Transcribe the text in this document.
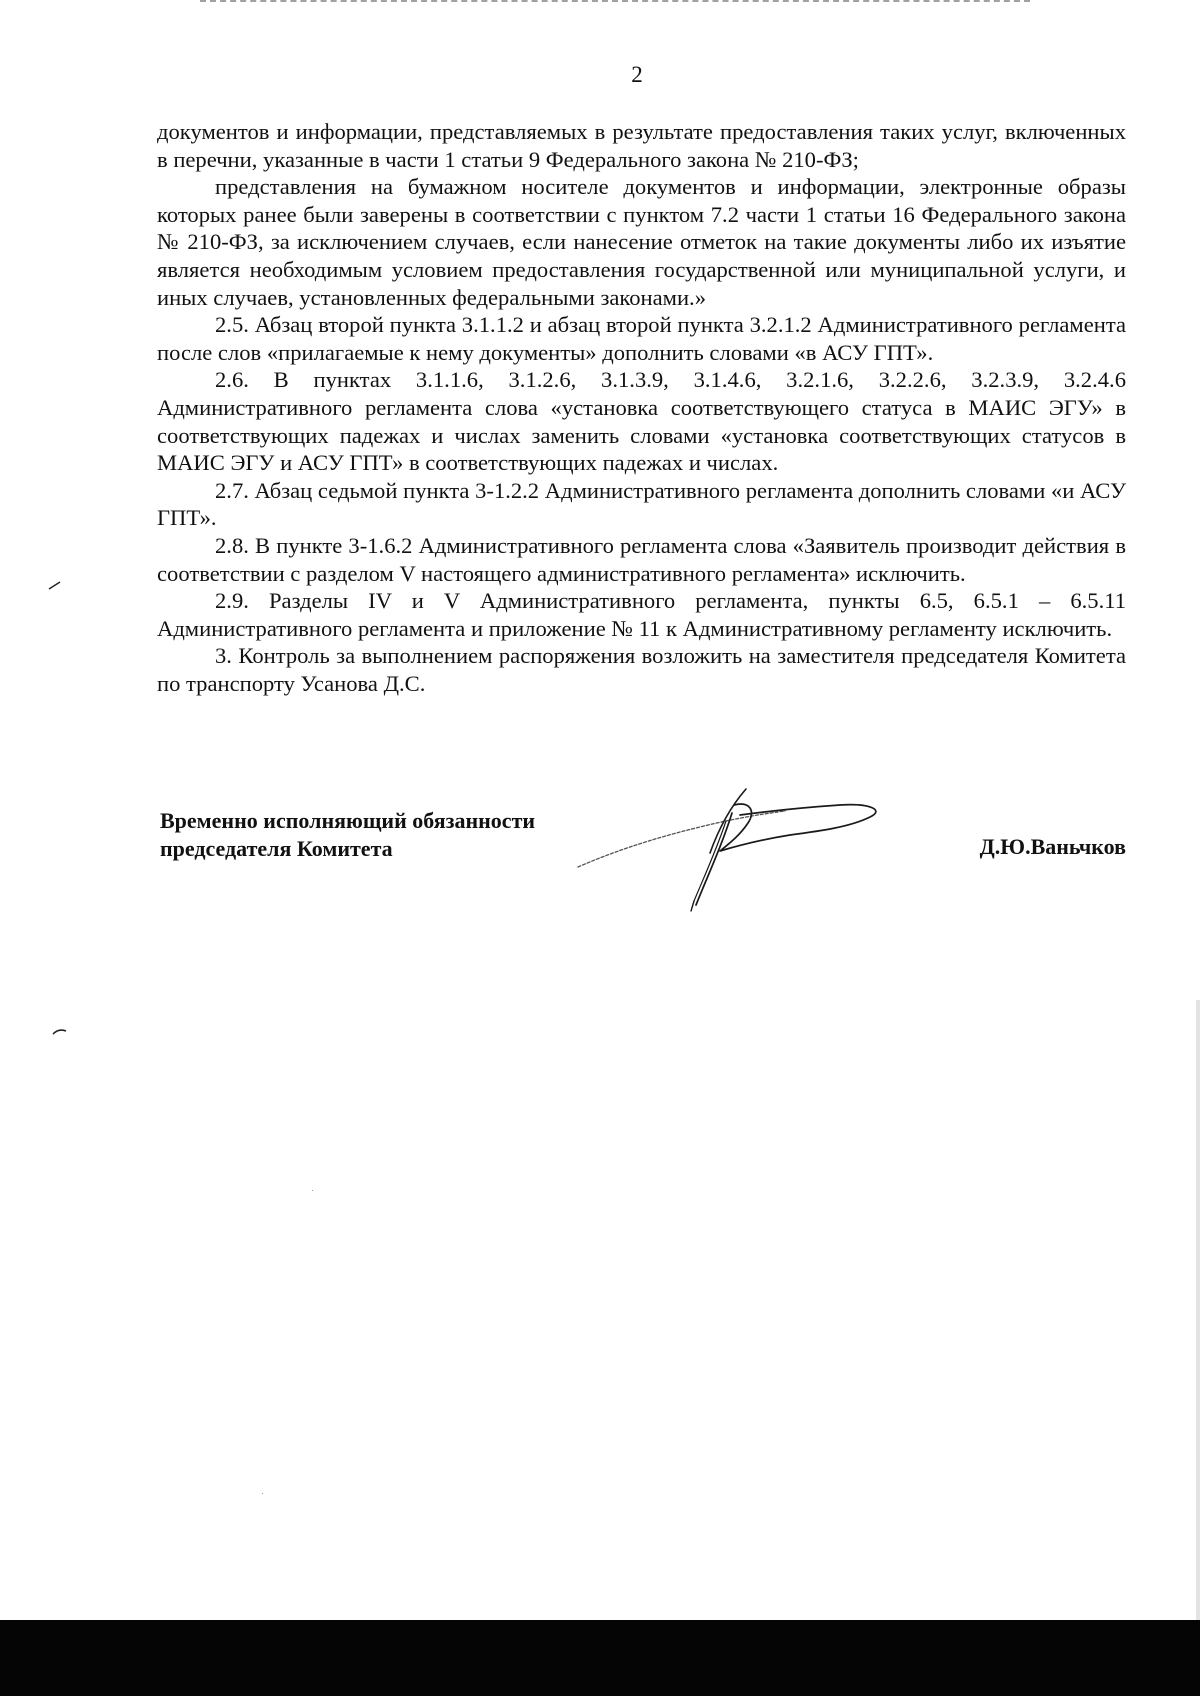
2

документов и информации, представляемых в результате предоставления таких услуг, включенных в перечни, указанные в части 1 статьи 9 Федерального закона № 210-ФЗ;

представления на бумажном носителе документов и информации, электронные образы которых ранее были заверены в соответствии с пунктом 7.2 части 1 статьи 16 Федерального закона № 210-ФЗ, за исключением случаев, если нанесение отметок на такие документы либо их изъятие является необходимым условием предоставления государственной или муниципальной услуги, и иных случаев, установленных федеральными законами.»

2.5. Абзац второй пункта 3.1.1.2 и абзац второй пункта 3.2.1.2 Административного регламента после слов «прилагаемые к нему документы» дополнить словами «в АСУ ГПТ».

2.6. В пунктах 3.1.1.6, 3.1.2.6, 3.1.3.9, 3.1.4.6, 3.2.1.6, 3.2.2.6, 3.2.3.9, 3.2.4.6 Административного регламента слова «установка соответствующего статуса в МАИС ЭГУ» в соответствующих падежах и числах заменить словами «установка соответствующих статусов в МАИС ЭГУ и АСУ ГПТ» в соответствующих падежах и числах.

2.7. Абзац седьмой пункта 3-1.2.2 Административного регламента дополнить словами «и АСУ ГПТ».

2.8. В пункте 3-1.6.2 Административного регламента слова «Заявитель производит действия в соответствии с разделом V настоящего административного регламента» исключить.

2.9. Разделы IV и V Административного регламента, пункты 6.5, 6.5.1 – 6.5.11 Административного регламента и приложение № 11 к Административному регламенту исключить.

3. Контроль за выполнением распоряжения возложить на заместителя председателя Комитета по транспорту Усанова Д.С.

Временно исполняющий обязанности
председателя Комитета	Д.Ю.Ваньчков
